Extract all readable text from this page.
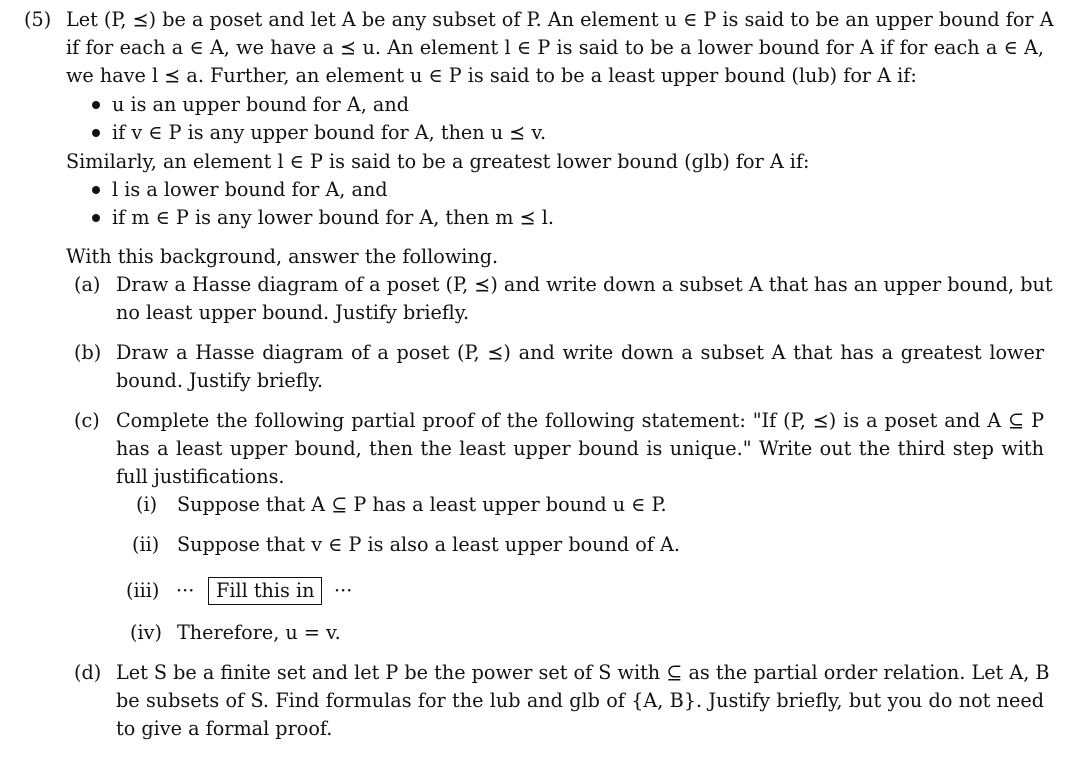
(5) Let (P, ⪯) be a poset and let A be any subset of P. An element u ∈ P is said to be an upper bound for A
if for each a ∈ A, we have a ⪯ u. An element l ∈ P is said to be a lower bound for A if for each a ∈ A,
we have l ⪯ a. Further, an element u ∈ P is said to be a least upper bound (lub) for A if:
u is an upper bound for A, and
if v ∈ P is any upper bound for A, then u ⪯ v.
Similarly, an element l ∈ P is said to be a greatest lower bound (glb) for A if:
l is a lower bound for A, and
if m ∈ P is any lower bound for A, then m ⪯ l.
With this background, answer the following.
(a) Draw a Hasse diagram of a poset (P, ⪯) and write down a subset A that has an upper bound, but
no least upper bound. Justify briefly.
(b) Draw a Hasse diagram of a poset (P, ⪯) and write down a subset A that has a greatest lower
bound. Justify briefly.
(c) Complete the following partial proof of the following statement: "If (P, ⪯) is a poset and A ⊆ P
has a least upper bound, then the least upper bound is unique." Write out the third step with
full justifications.
(i) Suppose that A ⊆ P has a least upper bound u ∈ P.
(ii) Suppose that v ∈ P is also a least upper bound of A.
(iii) ···	Fill this in	···
(iv) Therefore, u = v.
(d) Let S be a finite set and let P be the power set of S with ⊆ as the partial order relation. Let A, B
be subsets of S. Find formulas for the lub and glb of {A, B}. Justify briefly, but you do not need
to give a formal proof.
